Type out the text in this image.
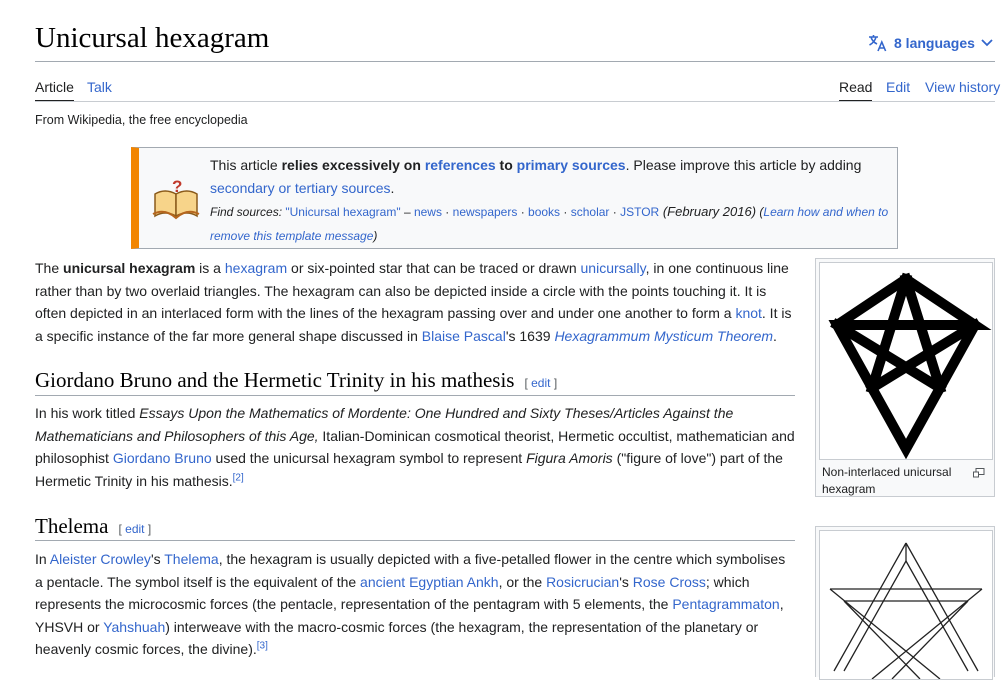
Unicursal hexagram	8 languages
Article Talk	Read Edit View history
From Wikipedia, the free encyclopedia
?
This article relies excessively on references to primary sources. Please improve this article by adding
secondary or tertiary sources.
Find sources: "Unicursal hexagram" – news · newspapers · books · scholar · JSTOR (February 2016) (Learn how and when to remove this template message)
The unicursal hexagram is a hexagram or six-pointed star that can be traced or drawn unicursally, in one continuous line rather than by two overlaid triangles. The hexagram can also be depicted inside a circle with the points touching it. It is often depicted in an interlaced form with the lines of the hexagram passing over and under one another to form a knot. It is a specific instance of the far more general shape discussed in Blaise Pascal's 1639 Hexagrammum Mysticum Theorem.
Giordano Bruno and the Hermetic Trinity in his mathesis [ edit ]
In his work titled Essays Upon the Mathematics of Mordente: One Hundred and Sixty Theses/Articles Against the Mathematicians and Philosophers of this Age, Italian-Dominican cosmotical theorist, Hermetic occultist, mathematician and philosophist Giordano Bruno used the unicursal hexagram symbol to represent Figura Amoris ("figure of love") part of the Hermetic Trinity in his mathesis.[2]
Thelema [ edit ]
In Aleister Crowley's Thelema, the hexagram is usually depicted with a five-petalled flower in the centre which symbolises a pentacle. The symbol itself is the equivalent of the ancient Egyptian Ankh, or the Rosicrucian's Rose Cross; which represents the microcosmic forces (the pentacle, representation of the pentagram with 5 elements, the Pentagrammaton, YHSVH or Yahshuah) interweave with the macro-cosmic forces (the hexagram, the representation of the planetary or heavenly cosmic forces, the divine).[3]
Non-interlaced unicursal hexagram
